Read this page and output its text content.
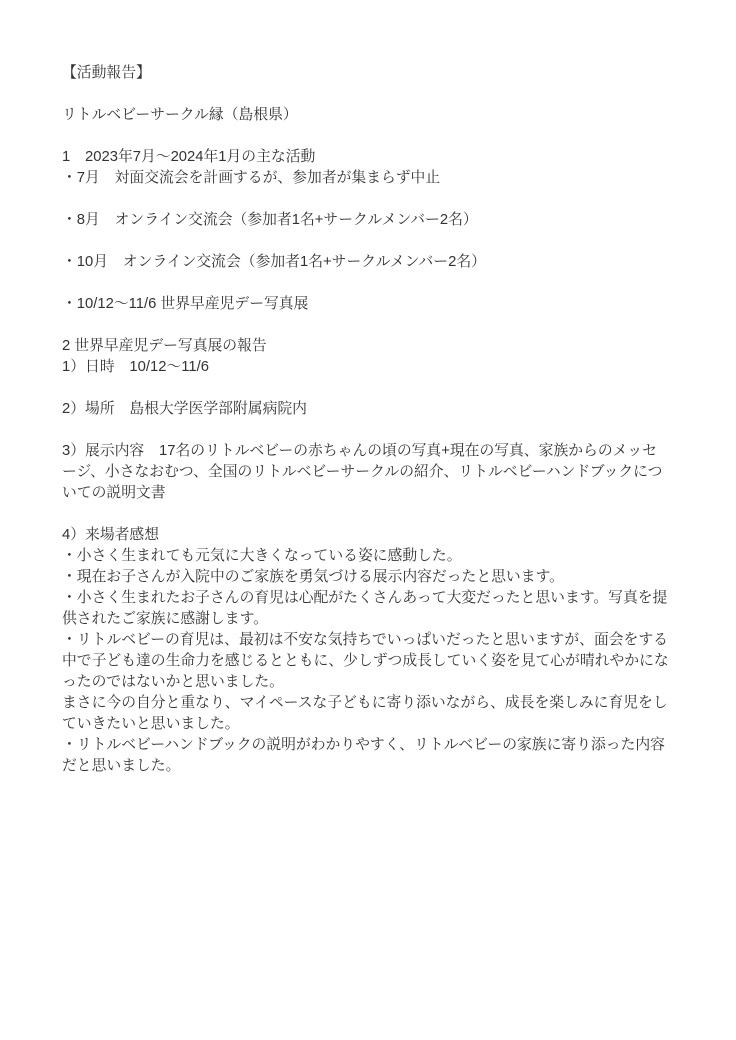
【活動報告】

リトルベビーサークル縁（島根県）

1　2023年7月〜2024年1月の主な活動

・7月　対面交流会を計画するが、参加者が集まらず中止

・8月　オンライン交流会（参加者1名+サークルメンバー2名）

・10月　オンライン交流会（参加者1名+サークルメンバー2名）

・10/12〜11/6 世界早産児デー写真展

2 世界早産児デー写真展の報告

1）日時　10/12〜11/6

2）場所　島根大学医学部附属病院内

3）展示内容　17名のリトルベビーの赤ちゃんの頃の写真+現在の写真、家族からのメッセージ、小さなおむつ、全国のリトルベビーサークルの紹介、リトルベビーハンドブックについての説明文書

4）来場者感想

・小さく生まれても元気に大きくなっている姿に感動した。

・現在お子さんが入院中のご家族を勇気づける展示内容だったと思います。

・小さく生まれたお子さんの育児は心配がたくさんあって大変だったと思います。写真を提供されたご家族に感謝します。

・リトルベビーの育児は、最初は不安な気持ちでいっぱいだったと思いますが、面会をする中で子ども達の生命力を感じるとともに、少しずつ成長していく姿を見て心が晴れやかになったのではないかと思いました。

まさに今の自分と重なり、マイペースな子どもに寄り添いながら、成長を楽しみに育児をしていきたいと思いました。

・リトルベビーハンドブックの説明がわかりやすく、リトルベビーの家族に寄り添った内容だと思いました。
